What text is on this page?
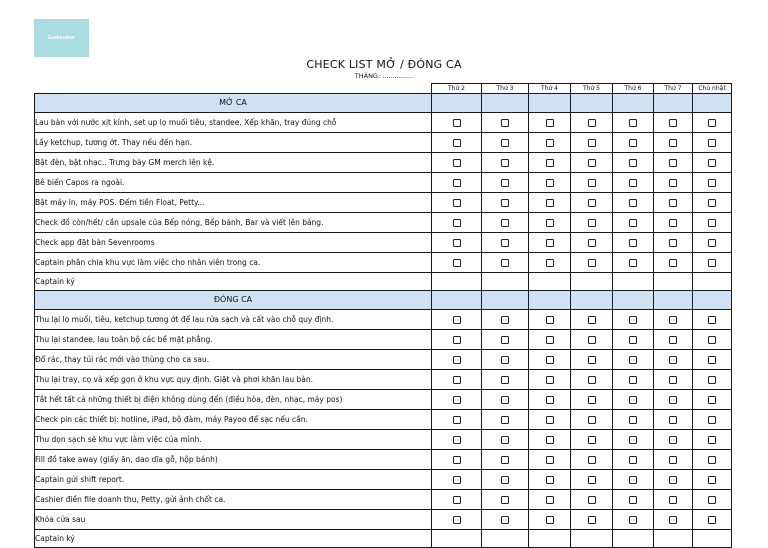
Godmother
CHECK LIST MỞ / ĐÓNG CA
THÁNG: ...............
	Thứ 2	Thứ 3	Thứ 4	Thứ 5	Thứ 6	Thứ 7	Chủ nhật
MỞ CA							
Lau bàn với nước xịt kính, set up lọ muối tiêu, standee. Xếp khăn, tray đúng chỗ							
Lấy ketchup, tương ớt. Thay nếu đến hạn.							
Bật đèn, bật nhạc.. Trưng bày GM merch lên kệ.							
Bê biển Capos ra ngoài.							
Bật máy in, máy POS. Đếm tiền Float, Petty...							
Check đồ còn/hết/ cần upsale của Bếp nóng, Bếp bánh, Bar và viết lên bảng.							
Check app đặt bàn Sevenrooms							
Captain phân chia khu vực làm việc cho nhân viên trong ca.							
Captain ký							
ĐÓNG CA							
Thu lại lọ muối, tiêu, ketchup tương ớt để lau rửa sạch và cất vào chỗ quy định.							
Thu lại standee, lau toàn bộ các bề mặt phẳng.							
Đổ rác, thay túi rác mới vào thùng cho ca sau.							
Thu lại tray, cọ và xếp gọn ở khu vực quy định. Giặt và phơi khăn lau bàn.							
Tắt hết tất cả những thiết bị điện không dùng đến (điều hòa, đèn, nhạc, máy pos)							
Check pin các thiết bị: hotline, iPad, bộ đàm, máy Payoo để sạc nếu cần.							
Thu dọn sạch sẽ khu vực làm việc của mình.							
Fill đồ take away (giấy ăn, dao dĩa gỗ, hộp bánh)							
Captain gửi shift report.							
Cashier điền file doanh thu, Petty, gửi ảnh chốt ca.							
Khóa cửa sau							
Captain ký							
